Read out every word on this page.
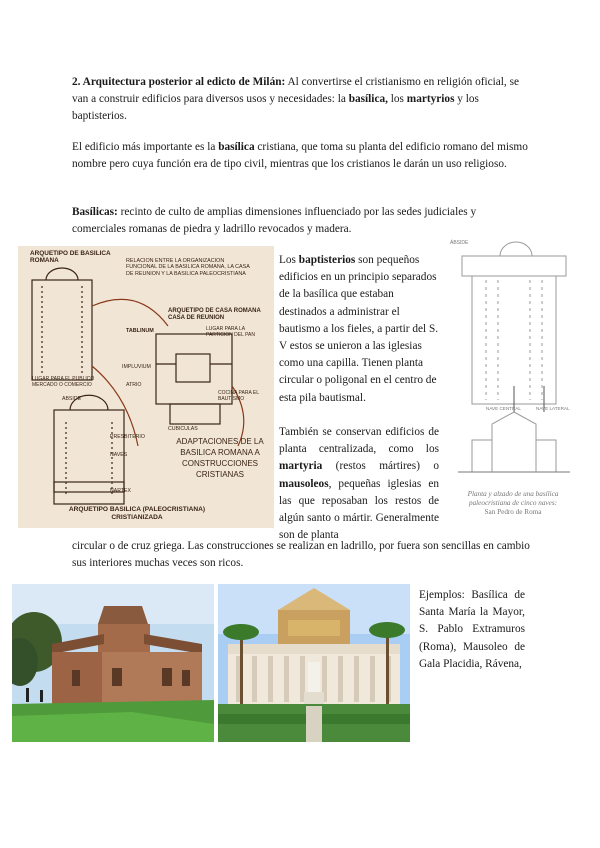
2. Arquitectura posterior al edicto de Milán: Al convertirse el cristianismo en religión oficial, se van a construir edificios para diversos usos y necesidades: la basílica, los martyrios y los baptisterios.

El edificio más importante es la basílica cristiana, que toma su planta del edificio romano del mismo nombre pero cuya función era de tipo civil, mientras que los cristianos le darán un uso religioso.

Basílicas: recinto de culto de amplias dimensiones influenciado por las sedes judiciales y comerciales romanas de piedra y ladrillo revocados y madera.

ARQUETIPO DE BASILICA ROMANA	RELACION ENTRE LA ORGANIZACION FUNCIONAL DE LA BASILICA ROMANA, LA CASA DE REUNION Y LA BASILICA PALEOCRISTIANA
ARQUETIPO DE CASA ROMANA CASA DE REUNION
TABLINUM	LUGAR PARA LA PARTICION DEL PAN
IMPLUVIUM
ATRIO
LUGAR PARA EL PUBLICO MERCADO O COMERCIO
COCINA PARA EL BAUTISMO
CUBICULAS
ABSIDE
PRESBITERIO
NAVES
NARTEX
ADAPTACIONES DE LA BASILICA ROMANA A CONSTRUCCIONES CRISTIANAS
ARQUETIPO BASILICA (PALEOCRISTIANA) CRISTIANIZADA

Los baptisterios son pequeños edificios en un principio separados de la basílica que estaban destinados a administrar el bautismo a los fieles, a partir del S. V estos se unieron a las iglesias como una capilla. Tienen planta circular o poligonal en el centro de esta pila bautismal.

También se conservan edificios de planta centralizada, como los martyria (restos mártires) o mausoleos, pequeñas iglesias en las que reposaban los restos de algún santo o mártir. Generalmente son de planta

ÁBSIDE
NAVE CENTRAL	NAVE LATERAL
Planta y alzado de una basílica paleocristiana de cinco naves:
San Pedro de Roma

circular o de cruz griega. Las construcciones se realizan en ladrillo, por fuera son sencillas en cambio sus interiores muchas veces son ricos.

Ejemplos: Basílica de Santa María la Mayor, S. Pablo Extramuros (Roma), Mausoleo de Gala Placidia, Rávena,
